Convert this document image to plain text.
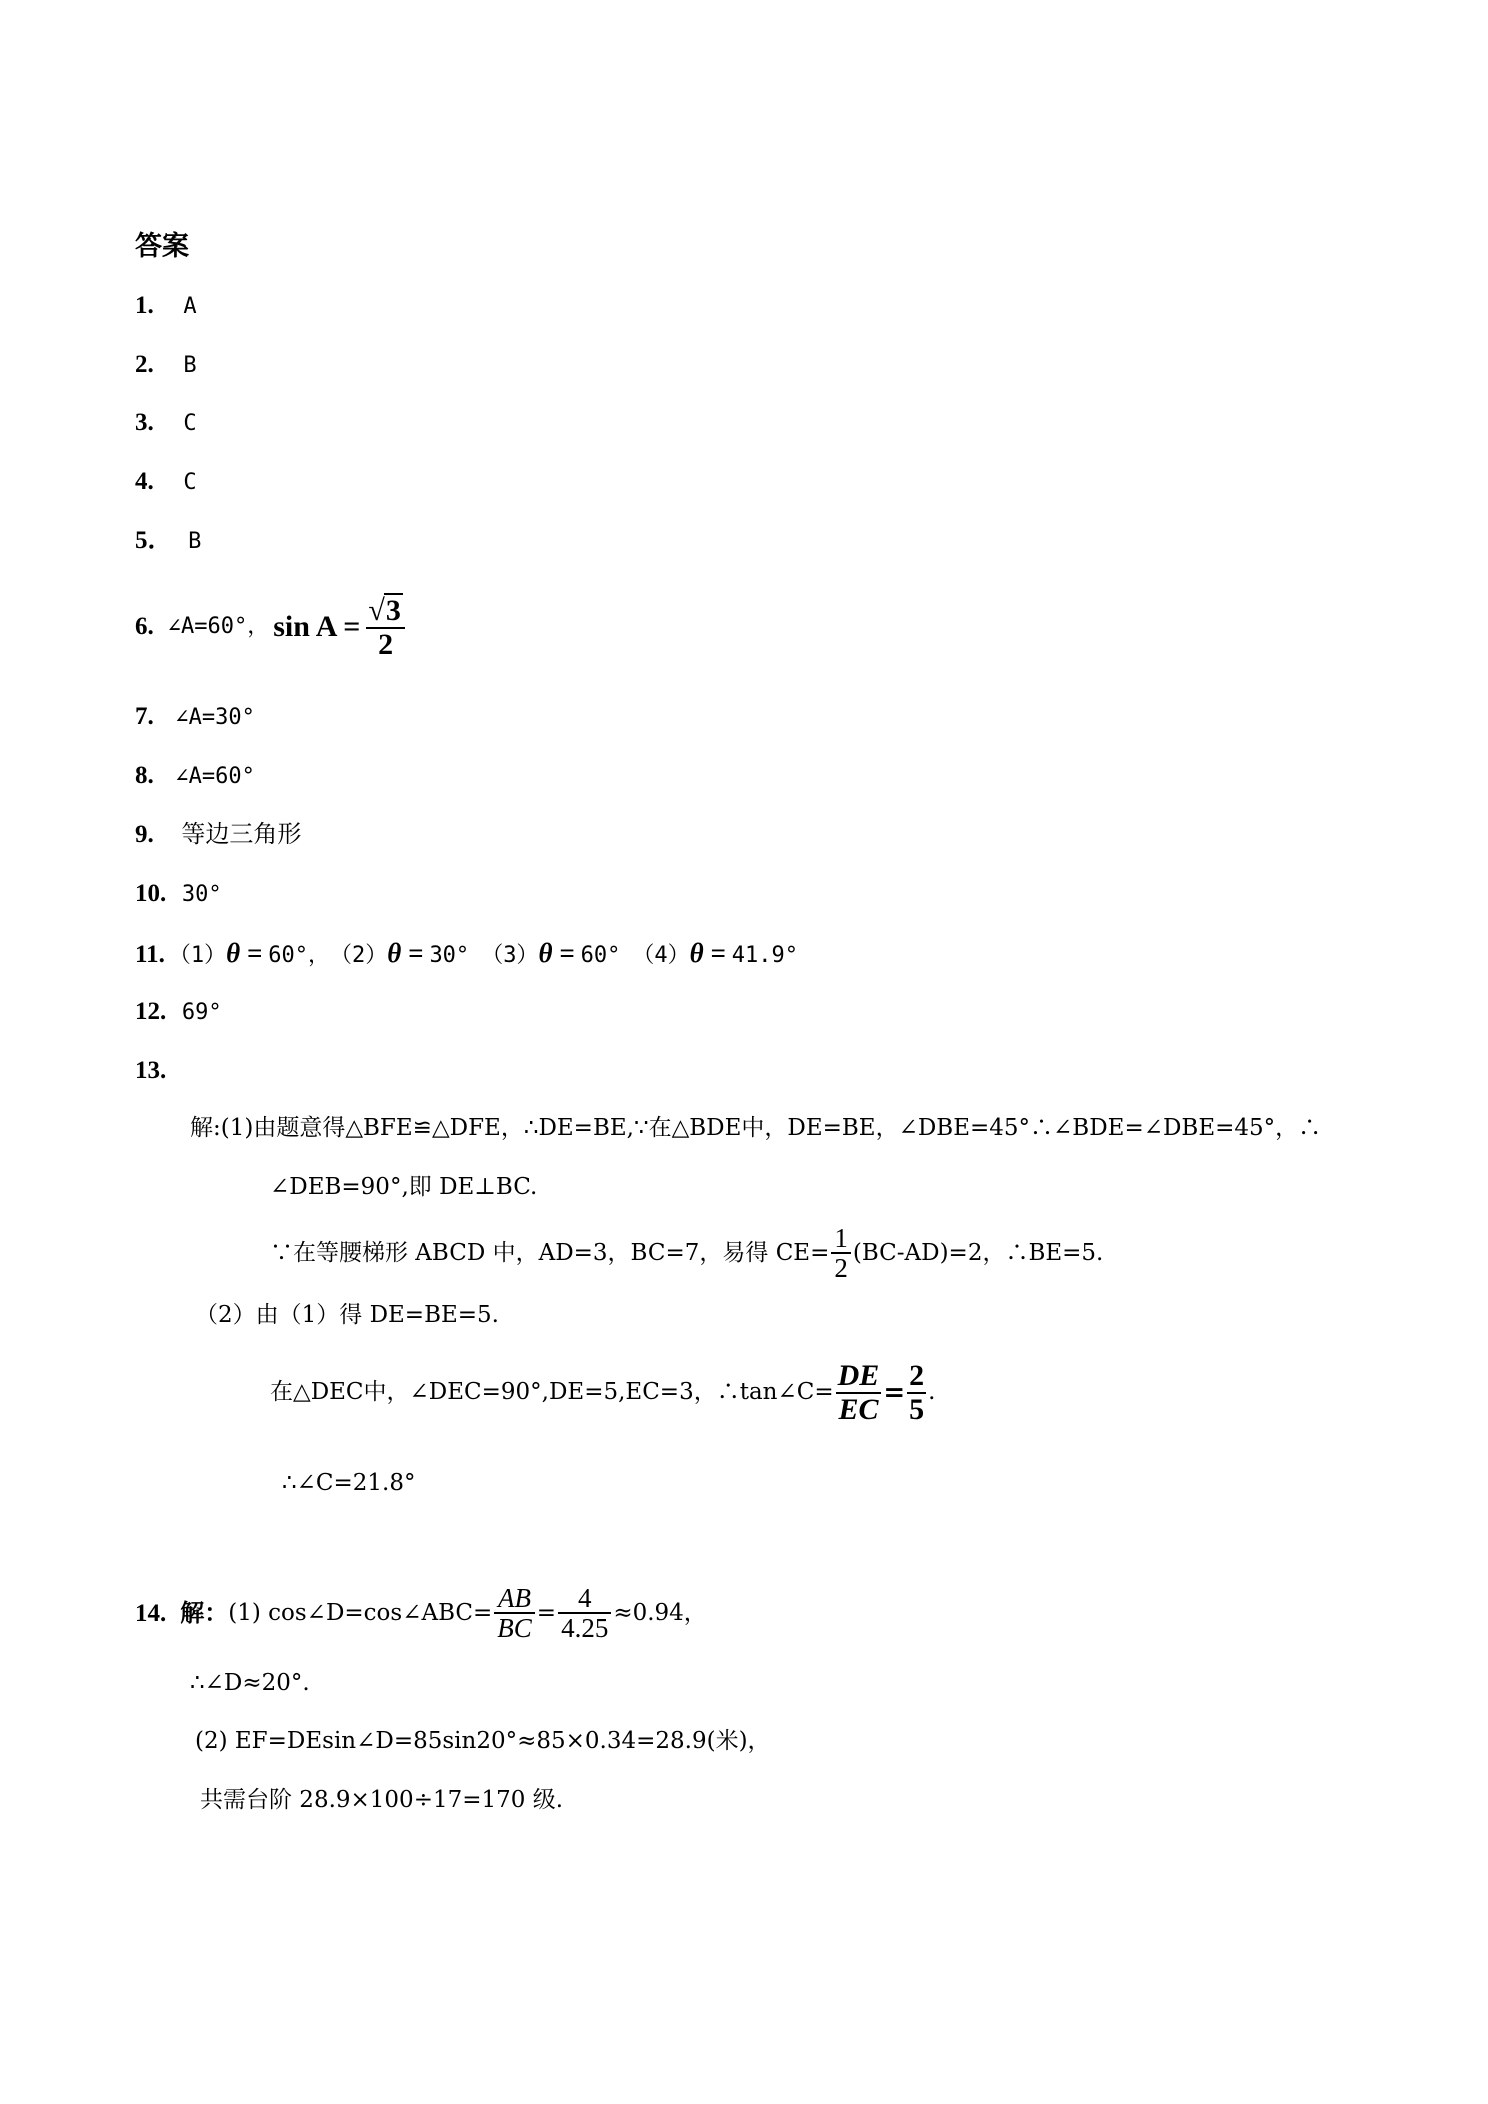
答案
1. A
2. B
3. C
4. C
5． B
6. ∠A=60°， $\sin A = \frac{√3}{2}$
7. ∠A=30°
8. ∠A=60°
9. 等边三角形
10. 30°
11. （1） θ = 60°， （2） θ = 30° （3） θ = 60° （4） θ = 41.9°
12. 69°
13.
解:(1)由题意得△BFE≌△DFE，∴DE=BE,∵在△BDE中，DE=BE，∠DBE=45°∴∠BDE=∠DBE=45°，∴
∠DEB=90°,即 DE⊥BC.
∵在等腰梯形 ABCD 中，AD=3，BC=7，易得 $CE= \frac{1}{2} (BC-AD)=2$，∴BE=5.
（2）由（1）得 DE=BE=5.
在△DEC中，∠DEC=90°,DE=5,EC=3，∴tan∠C= $\frac{DE}{EC} = \frac{2}{5}$ .
∴∠C=21.8°
14. 解： (1) cos∠D=cos∠ABC= $\frac{AB}{BC} = \frac{4}{4.25} \approx 0.94$，
∴∠D≈20°.
(2) EF=DEsin∠D=85sin20°≈85×0.34=28.9(米)，
共需台阶 28.9×100÷17=170 级.
